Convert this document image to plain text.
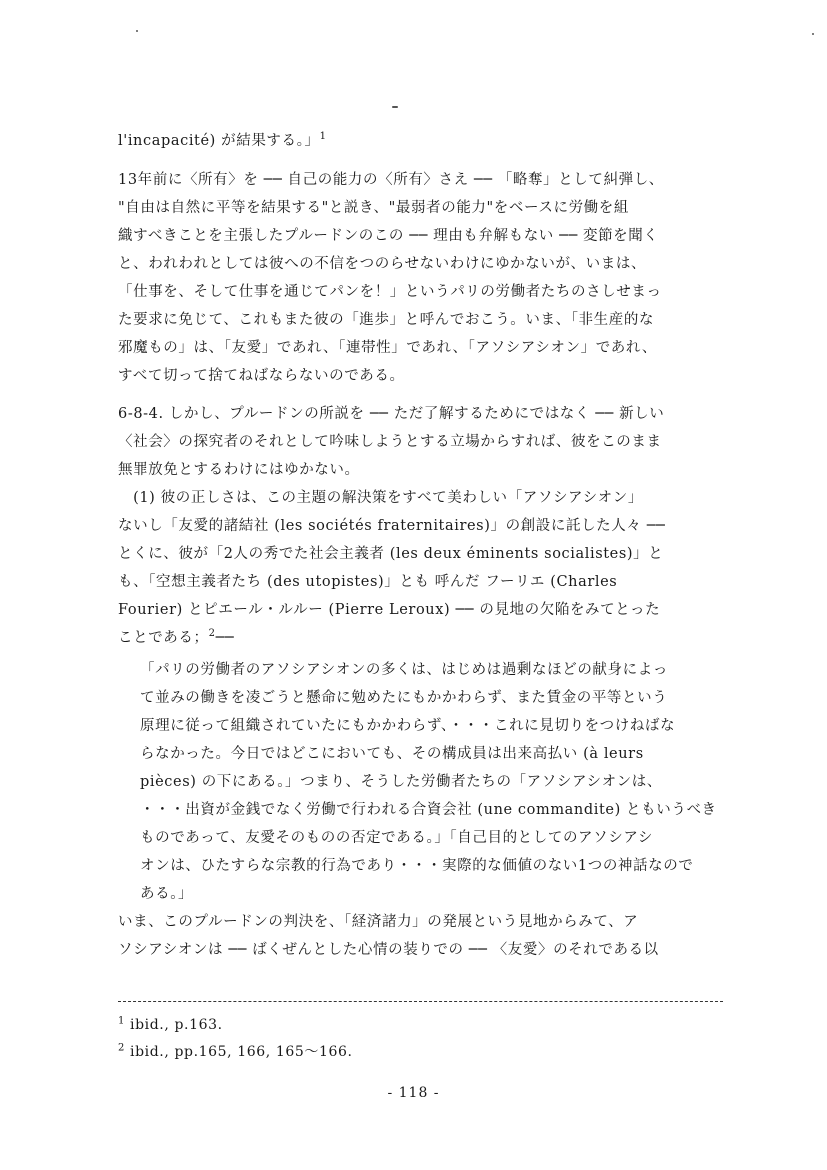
l'incapacité) が結果する。」$^1$
13年前に〈所有〉を ── 自己の能力の〈所有〉さえ ── 「略奪」として糾弾し、
"自由は自然に平等を結果する"と説き、"最弱者の能力"をベースに労働を組
織すべきことを主張したプルードンのこの ── 理由も弁解もない ── 変節を聞く
と、われわれとしては彼への不信をつのらせないわけにゆかないが、いまは、
「仕事を、そして仕事を通じてパンを！」というパリの労働者たちのさしせまっ
た要求に免じて、これもまた彼の「進歩」と呼んでおこう。いま、「非生産的な
邪魔もの」は、「友愛」であれ、「連帯性」であれ、「アソシアシオン」であれ、
すべて切って捨てねばならないのである。
6-8-4. しかし、プルードンの所説を ── ただ了解するためにではなく ── 新しい
〈社会〉の探究者のそれとして吟味しようとする立場からすれば、彼をこのまま
無罪放免とするわけにはゆかない。
　(1) 彼の正しさは、この主題の解決策をすべて美わしい「アソシアシオン」
ないし「友愛的諸結社 (les sociétés fraternitaires)」の創設に託した人々 ──
とくに、彼が「2人の秀でた社会主義者 (les deux éminents socialistes)」と
も、「空想主義者たち (des utopistes)」とも 呼んだ フーリエ (Charles
Fourier) とピエール・ルルー (Pierre Leroux) ── の見地の欠陥をみてとった
ことである；$^2$──
「パリの労働者のアソシアシオンの多くは、はじめは過剰なほどの献身によっ
て並みの働きを凌ごうと懸命に勉めたにもかかわらず、また賃金の平等という
原理に従って組織されていたにもかかわらず、・・・これに見切りをつけねばな
らなかった。今日ではどこにおいても、その構成員は出来高払い (à leurs
pièces) の下にある。」つまり、そうした労働者たちの「アソシアシオンは、
・・・出資が金銭でなく労働で行われる合資会社 (une commandite) ともいうべき
ものであって、友愛そのものの否定である。」「自己目的としてのアソシアシ
オンは、ひたすらな宗教的行為であり・・・実際的な価値のない1つの神話なので
ある。」
いま、このプルードンの判決を、「経済諸力」の発展という見地からみて、ア
ソシアシオンは ── ばくぜんとした心情の装りでの ── 〈友愛〉のそれである以
$^1$ ibid., p.163.
$^2$ ibid., pp.165, 166, 165～166.
- 118 -
